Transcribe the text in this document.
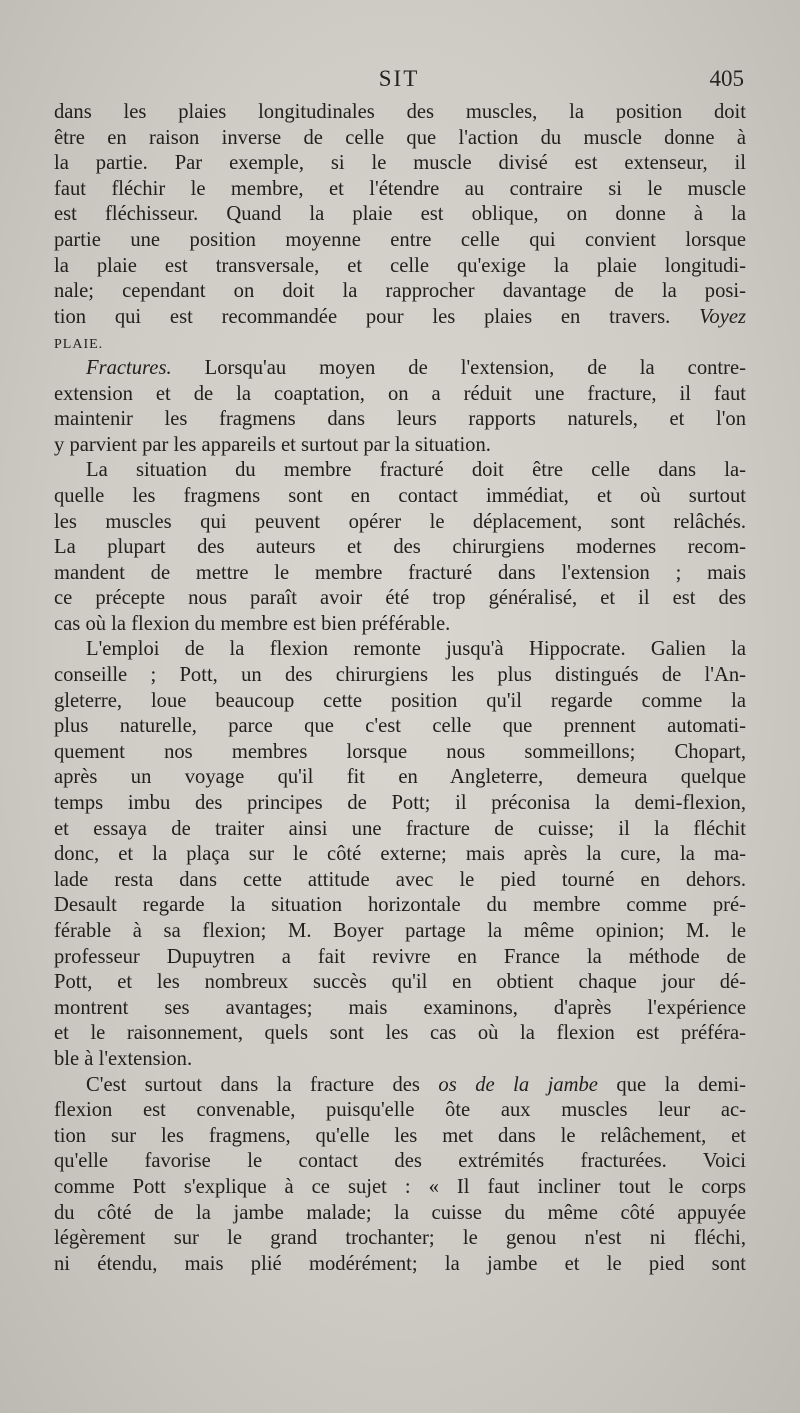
SIT	405
dans les plaies longitudinales des muscles, la position doit
être en raison inverse de celle que l'action du muscle donne à
la partie. Par exemple, si le muscle divisé est extenseur, il
faut fléchir le membre, et l'étendre au contraire si le muscle
est fléchisseur. Quand la plaie est oblique, on donne à la
partie une position moyenne entre celle qui convient lorsque
la plaie est transversale, et celle qu'exige la plaie longitudi-
nale; cependant on doit la rapprocher davantage de la posi-
tion qui est recommandée pour les plaies en travers. Voyez
PLAIE.
Fractures. Lorsqu'au moyen de l'extension, de la contre-
extension et de la coaptation, on a réduit une fracture, il faut
maintenir les fragmens dans leurs rapports naturels, et l'on
y parvient par les appareils et surtout par la situation.
La situation du membre fracturé doit être celle dans la-
quelle les fragmens sont en contact immédiat, et où surtout
les muscles qui peuvent opérer le déplacement, sont relâchés.
La plupart des auteurs et des chirurgiens modernes recom-
mandent de mettre le membre fracturé dans l'extension ; mais
ce précepte nous paraît avoir été trop généralisé, et il est des
cas où la flexion du membre est bien préférable.
L'emploi de la flexion remonte jusqu'à Hippocrate. Galien la
conseille ; Pott, un des chirurgiens les plus distingués de l'An-
gleterre, loue beaucoup cette position qu'il regarde comme la
plus naturelle, parce que c'est celle que prennent automati-
quement nos membres lorsque nous sommeillons; Chopart,
après un voyage qu'il fit en Angleterre, demeura quelque
temps imbu des principes de Pott; il préconisa la demi-flexion,
et essaya de traiter ainsi une fracture de cuisse; il la fléchit
donc, et la plaça sur le côté externe; mais après la cure, la ma-
lade resta dans cette attitude avec le pied tourné en dehors.
Desault regarde la situation horizontale du membre comme pré-
férable à sa flexion; M. Boyer partage la même opinion; M. le
professeur Dupuytren a fait revivre en France la méthode de
Pott, et les nombreux succès qu'il en obtient chaque jour dé-
montrent ses avantages; mais examinons, d'après l'expérience
et le raisonnement, quels sont les cas où la flexion est préféra-
ble à l'extension.
C'est surtout dans la fracture des os de la jambe que la demi-
flexion est convenable, puisqu'elle ôte aux muscles leur ac-
tion sur les fragmens, qu'elle les met dans le relâchement, et
qu'elle favorise le contact des extrémités fracturées. Voici
comme Pott s'explique à ce sujet : « Il faut incliner tout le corps
du côté de la jambe malade; la cuisse du même côté appuyée
légèrement sur le grand trochanter; le genou n'est ni fléchi,
ni étendu, mais plié modérément; la jambe et le pied sont
